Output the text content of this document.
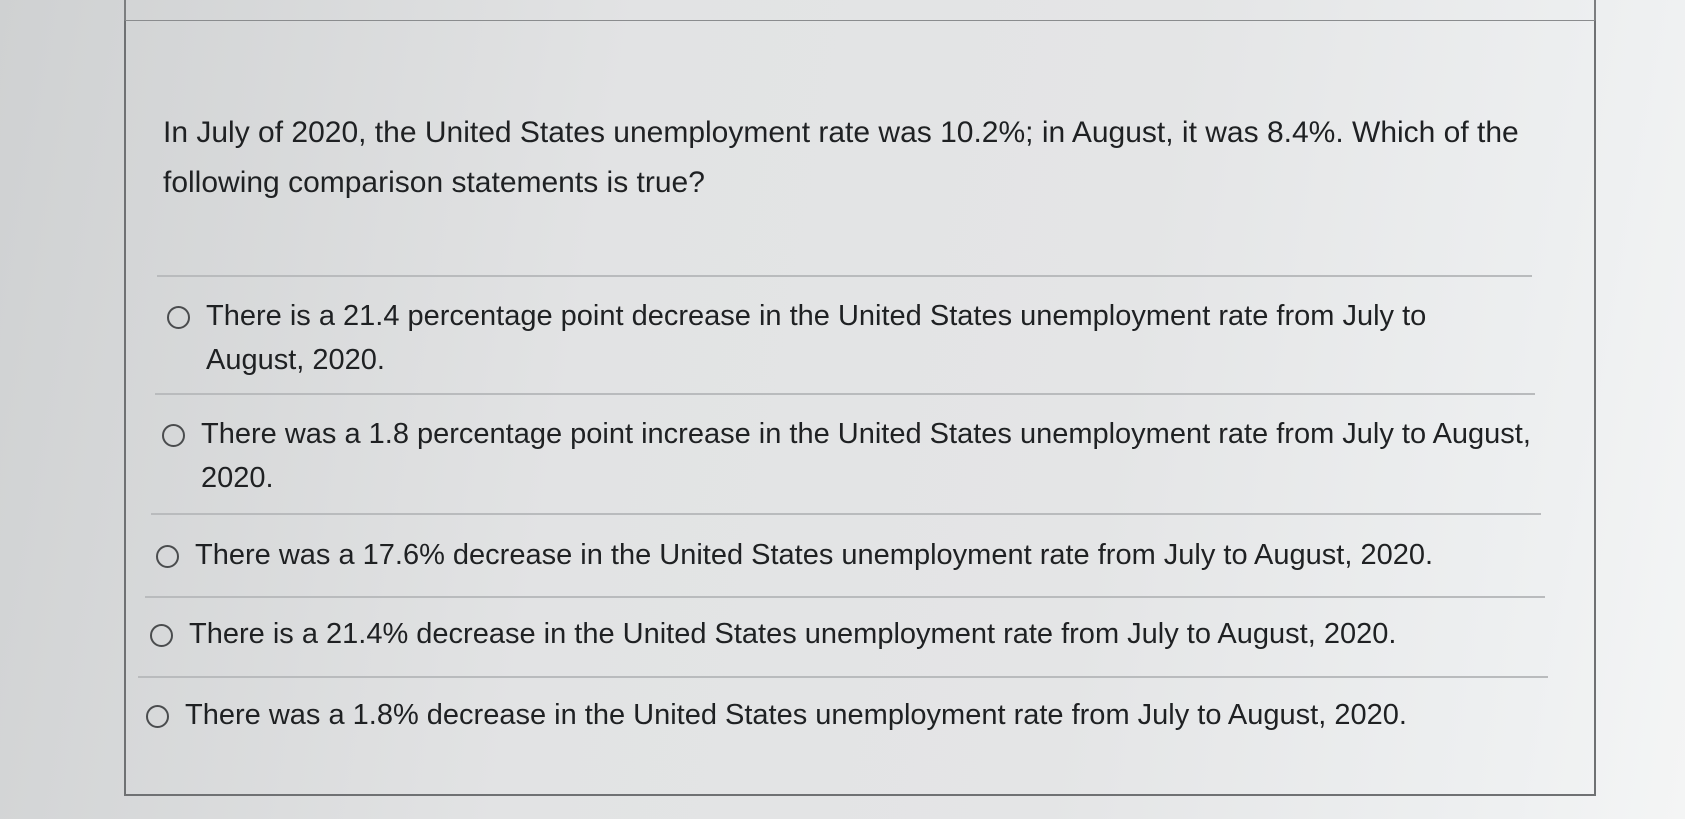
In July of 2020, the United States unemployment rate was 10.2%; in August, it was 8.4%. Which of the following comparison statements is true?

There is a 21.4 percentage point decrease in the United States unemployment rate from July to August, 2020.
There was a 1.8 percentage point increase in the United States unemployment rate from July to August, 2020.
There was a 17.6% decrease in the United States unemployment rate from July to August, 2020.
There is a 21.4% decrease in the United States unemployment rate from July to August, 2020.
There was a 1.8% decrease in the United States unemployment rate from July to August, 2020.
